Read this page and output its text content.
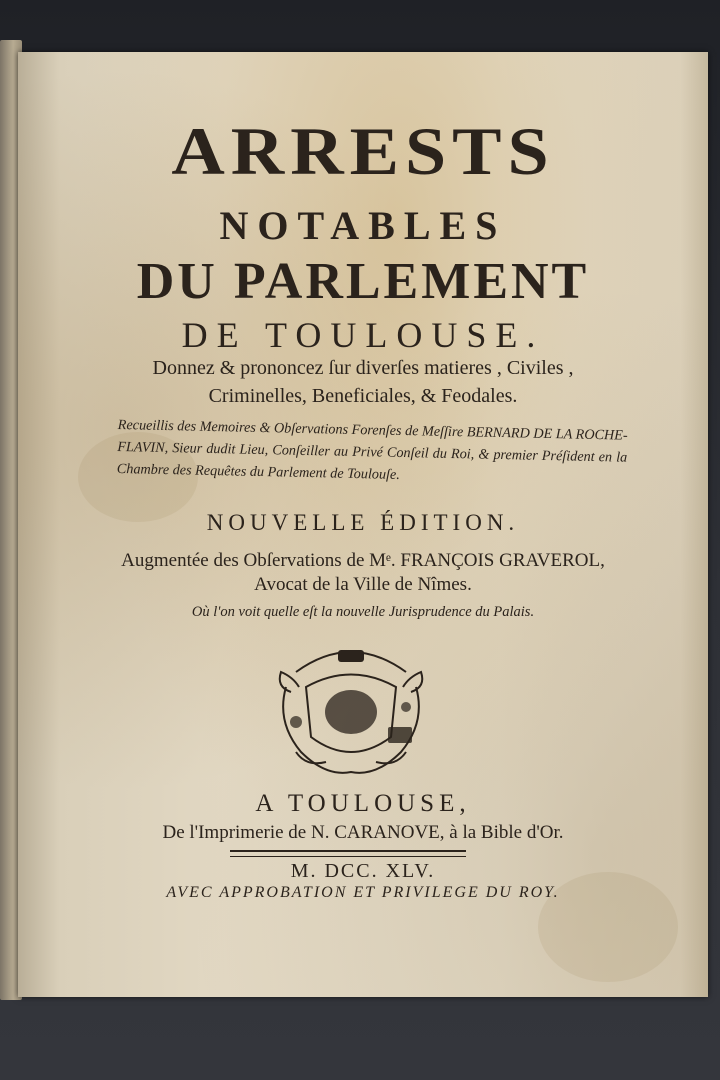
ARRESTS
NOTABLES
DU PARLEMENT
DE TOULOUSE.
Donnez & prononcez ſur diverſes matieres , Civiles ,
Criminelles, Beneficiales, & Feodales.
Recueillis des Memoires & Obſervations Forenſes de Meſſire BERNARD DE LA ROCHE-FLAVIN, Sieur dudit Lieu, Conſeiller au Privé Conſeil du Roi, & premier Préſident en la Chambre des Requêtes du Parlement de Toulouſe.
NOUVELLE ÉDITION.
Augmentée des Obſervations de Mᵉ. FRANÇOIS GRAVEROL,
Avocat de la Ville de Nîmes.
Où l'on voit quelle eſt la nouvelle Jurisprudence du Palais.
A TOULOUSE,
De l'Imprimerie de N. CARANOVE, à la Bible d'Or.
M. DCC. XLV.
AVEC APPROBATION ET PRIVILEGE DU ROY.
